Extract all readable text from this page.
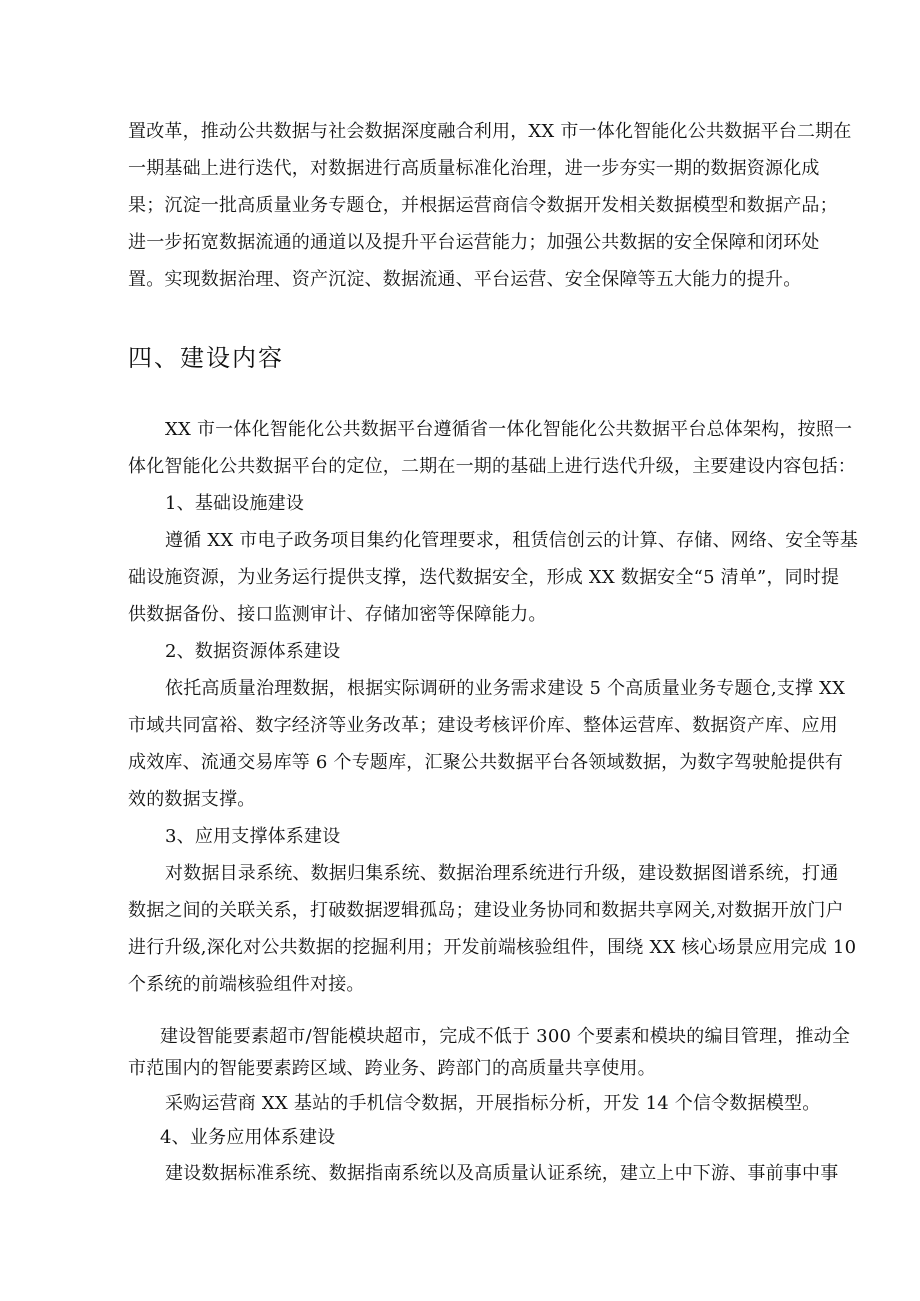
置改革，推动公共数据与社会数据深度融合利用，XX 市一体化智能化公共数据平台二期在
一期基础上进行迭代，对数据进行高质量标准化治理，进一步夯实一期的数据资源化成
果；沉淀一批高质量业务专题仓，并根据运营商信令数据开发相关数据模型和数据产品；
进一步拓宽数据流通的通道以及提升平台运营能力；加强公共数据的安全保障和闭环处
置。实现数据治理、资产沉淀、数据流通、平台运营、安全保障等五大能力的提升。
四、建设内容
XX 市一体化智能化公共数据平台遵循省一体化智能化公共数据平台总体架构，按照一
体化智能化公共数据平台的定位，二期在一期的基础上进行迭代升级，主要建设内容包括：
1、基础设施建设
遵循 XX 市电子政务项目集约化管理要求，租赁信创云的计算、存储、网络、安全等基
础设施资源，为业务运行提供支撑，迭代数据安全，形成 XX 数据安全“5 清单”，同时提
供数据备份、接口监测审计、存储加密等保障能力。
2、数据资源体系建设
依托高质量治理数据，根据实际调研的业务需求建设 5 个高质量业务专题仓,支撑 XX
市域共同富裕、数字经济等业务改革；建设考核评价库、整体运营库、数据资产库、应用
成效库、流通交易库等 6 个专题库，汇聚公共数据平台各领域数据，为数字驾驶舱提供有
效的数据支撑。
3、应用支撑体系建设
对数据目录系统、数据归集系统、数据治理系统进行升级，建设数据图谱系统，打通
数据之间的关联关系，打破数据逻辑孤岛；建设业务协同和数据共享网关,对数据开放门户
进行升级,深化对公共数据的挖掘利用；开发前端核验组件，围绕 XX 核心场景应用完成 10
个系统的前端核验组件对接。
建设智能要素超市/智能模块超市，完成不低于 300 个要素和模块的编目管理，推动全
市范围内的智能要素跨区域、跨业务、跨部门的高质量共享使用。
采购运营商 XX 基站的手机信令数据，开展指标分析，开发 14 个信令数据模型。
4、业务应用体系建设
建设数据标准系统、数据指南系统以及高质量认证系统，建立上中下游、事前事中事
